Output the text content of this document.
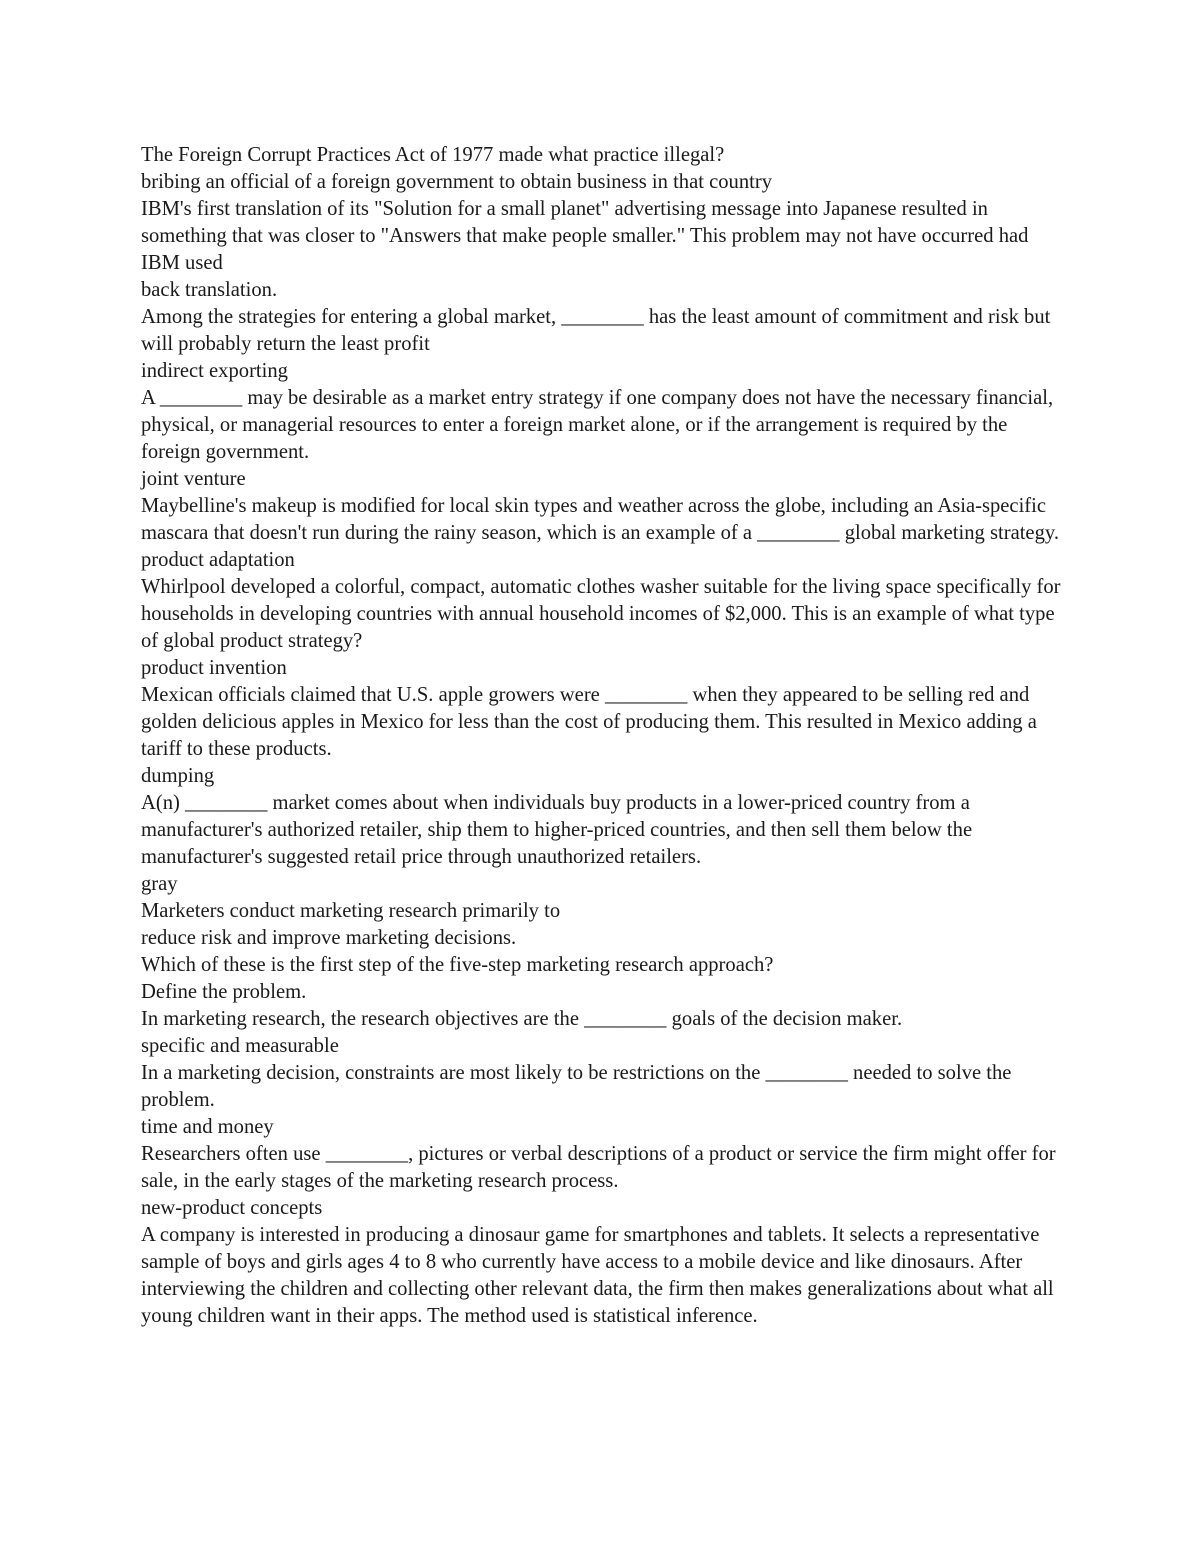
The Foreign Corrupt Practices Act of 1977 made what practice illegal?

bribing an official of a foreign government to obtain business in that country

IBM's first translation of its "Solution for a small planet" advertising message into Japanese resulted in something that was closer to "Answers that make people smaller." This problem may not have occurred had IBM used

back translation.

Among the strategies for entering a global market, ________ has the least amount of commitment and risk but will probably return the least profit

indirect exporting

A ________ may be desirable as a market entry strategy if one company does not have the necessary financial, physical, or managerial resources to enter a foreign market alone, or if the arrangement is required by the foreign government.

joint venture

Maybelline's makeup is modified for local skin types and weather across the globe, including an Asia-specific mascara that doesn't run during the rainy season, which is an example of a ________ global marketing strategy.

product adaptation

Whirlpool developed a colorful, compact, automatic clothes washer suitable for the living space specifically for households in developing countries with annual household incomes of $2,000. This is an example of what type of global product strategy?

product invention

Mexican officials claimed that U.S. apple growers were ________ when they appeared to be selling red and golden delicious apples in Mexico for less than the cost of producing them. This resulted in Mexico adding a tariff to these products.

dumping

A(n) ________ market comes about when individuals buy products in a lower-priced country from a manufacturer's authorized retailer, ship them to higher-priced countries, and then sell them below the manufacturer's suggested retail price through unauthorized retailers.

gray

Marketers conduct marketing research primarily to

reduce risk and improve marketing decisions.

Which of these is the first step of the five-step marketing research approach?

Define the problem.

In marketing research, the research objectives are the ________ goals of the decision maker.

specific and measurable

In a marketing decision, constraints are most likely to be restrictions on the ________ needed to solve the problem.

time and money

Researchers often use ________, pictures or verbal descriptions of a product or service the firm might offer for sale, in the early stages of the marketing research process.

new-product concepts

A company is interested in producing a dinosaur game for smartphones and tablets. It selects a representative sample of boys and girls ages 4 to 8 who currently have access to a mobile device and like dinosaurs. After interviewing the children and collecting other relevant data, the firm then makes generalizations about what all young children want in their apps. The method used is statistical inference.
